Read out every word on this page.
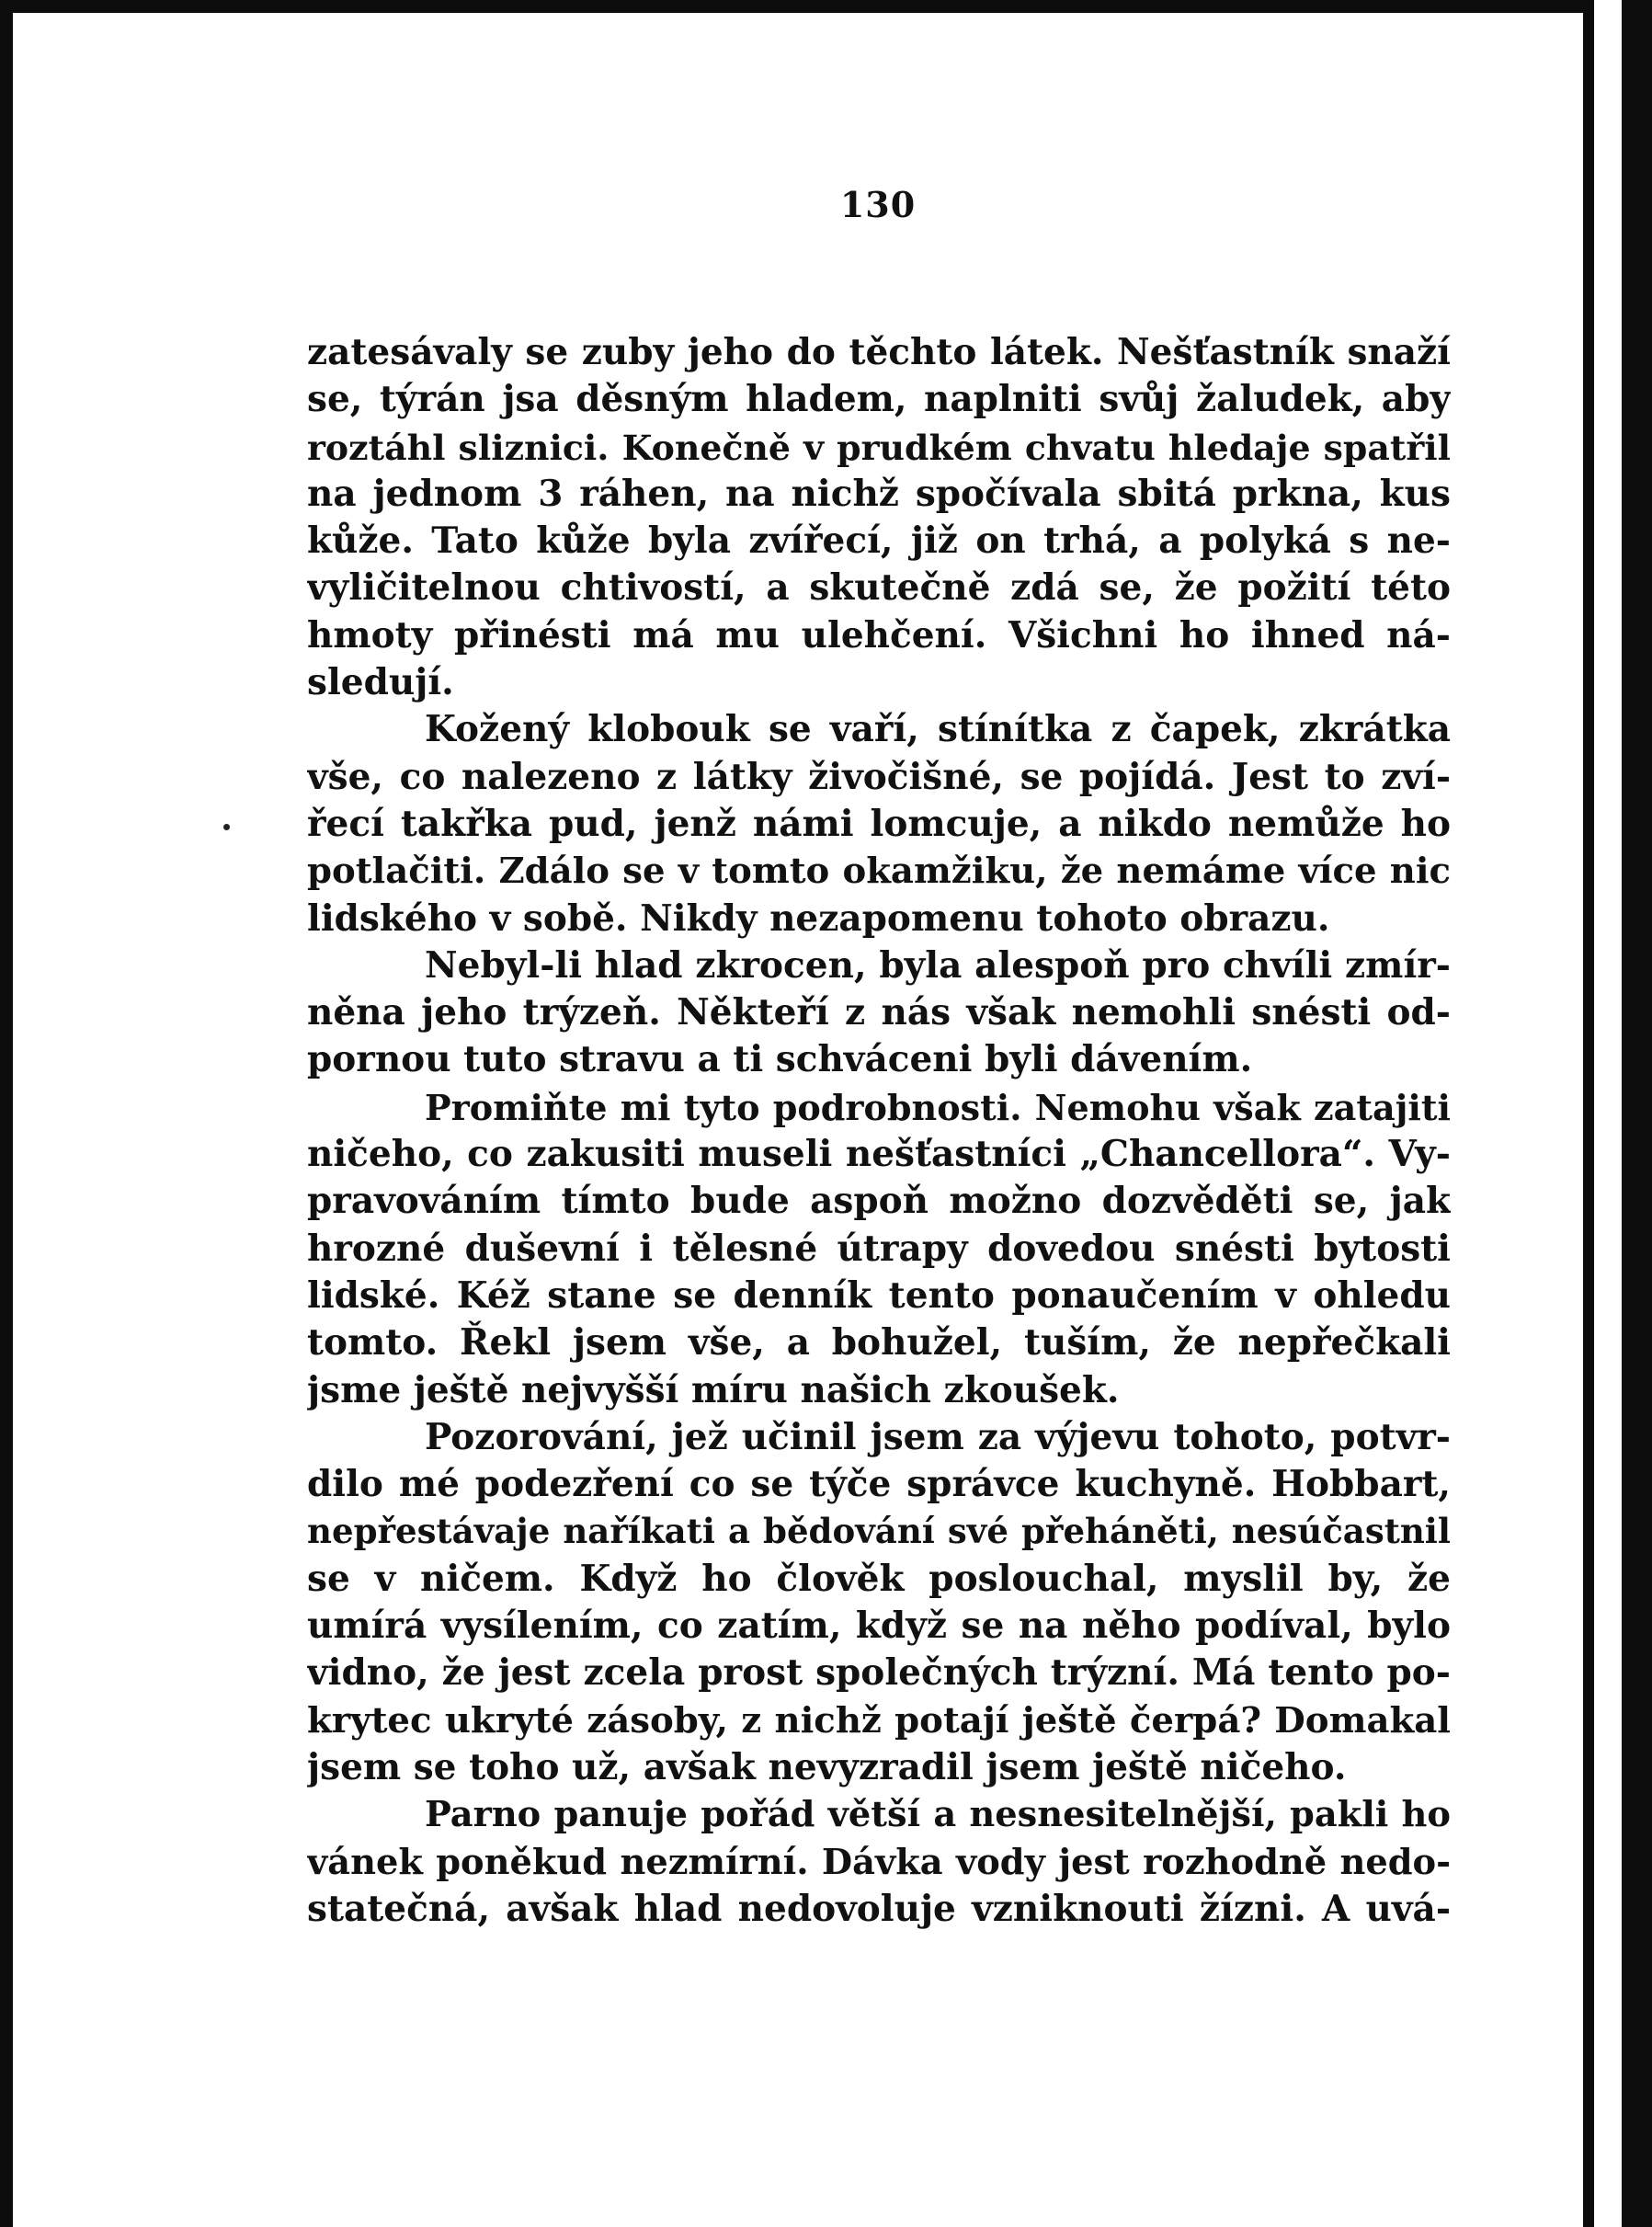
130
zatesávaly se zuby jeho do těchto látek. Nešťastník snaží
se, týrán jsa děsným hladem, naplniti svůj žaludek, aby
roztáhl sliznici. Konečně v prudkém chvatu hledaje spatřil
na jednom 3 ráhen, na nichž spočívala sbitá prkna, kus
kůže. Tato kůže byla zvířecí, již on trhá, a polyká s ne-
vyličitelnou chtivostí, a skutečně zdá se, že požití této
hmoty přinésti má mu ulehčení. Všichni ho ihned ná-
sledují.
Kožený klobouk se vaří, stínítka z čapek, zkrátka
vše, co nalezeno z látky živočišné, se pojídá. Jest to zví-
řecí takřka pud, jenž námi lomcuje, a nikdo nemůže ho
potlačiti. Zdálo se v tomto okamžiku, že nemáme více nic
lidského v sobě. Nikdy nezapomenu tohoto obrazu.
Nebyl-li hlad zkrocen, byla alespoň pro chvíli zmír-
něna jeho trýzeň. Někteří z nás však nemohli snésti od-
pornou tuto stravu a ti schváceni byli dávením.
Promiňte mi tyto podrobnosti. Nemohu však zatajiti
ničeho, co zakusiti museli nešťastníci „Chancellora“. Vy-
pravováním tímto bude aspoň možno dozvěděti se, jak
hrozné duševní i tělesné útrapy dovedou snésti bytosti
lidské. Kéž stane se denník tento ponaučením v ohledu
tomto. Řekl jsem vše, a bohužel, tuším, že nepřečkali
jsme ještě nejvyšší míru našich zkoušek.
Pozorování, jež učinil jsem za výjevu tohoto, potvr-
dilo mé podezření co se týče správce kuchyně. Hobbart,
nepřestávaje naříkati a bědování své přeháněti, nesúčastnil
se v ničem. Když ho člověk poslouchal, myslil by, že
umírá vysílením, co zatím, když se na něho podíval, bylo
vidno, že jest zcela prost společných trýzní. Má tento po-
krytec ukryté zásoby, z nichž potají ještě čerpá? Domakal
jsem se toho už, avšak nevyzradil jsem ještě ničeho.
Parno panuje pořád větší a nesnesitelnější, pakli ho
vánek poněkud nezmírní. Dávka vody jest rozhodně nedo-
statečná, avšak hlad nedovoluje vzniknouti žízni. A uvá-
